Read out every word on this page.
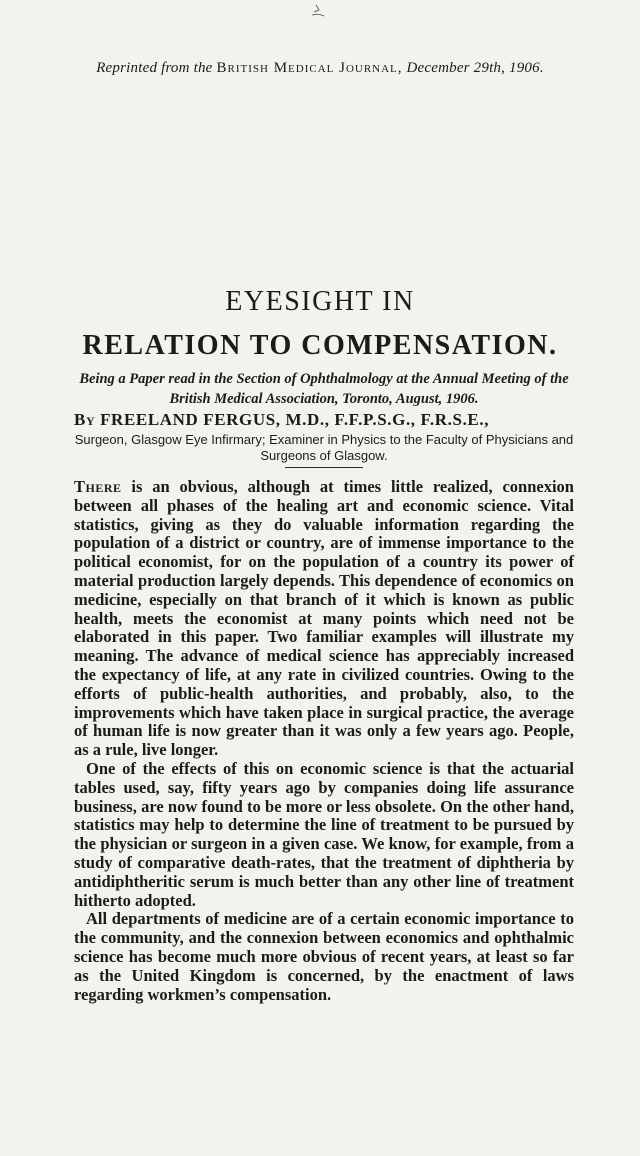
Reprinted from the British Medical Journal, December 29th, 1906.
EYESIGHT IN
RELATION TO COMPENSATION.
Being a Paper read in the Section of Ophthalmology at the Annual Meeting of the British Medical Association, Toronto, August, 1906.
By FREELAND FERGUS, M.D., F.F.P.S.G., F.R.S.E.,
Surgeon, Glasgow Eye Infirmary; Examiner in Physics to the Faculty of Physicians and Surgeons of Glasgow.

There is an obvious, although at times little realized, connexion between all phases of the healing art and economic science. Vital statistics, giving as they do valuable information regarding the population of a district or country, are of immense importance to the political economist, for on the population of a country its power of material production largely depends. This dependence of economics on medicine, especially on that branch of it which is known as public health, meets the economist at many points which need not be elaborated in this paper. Two familiar examples will illustrate my meaning. The advance of medical science has appreciably increased the expectancy of life, at any rate in civilized countries. Owing to the efforts of public-health authorities, and probably, also, to the improvements which have taken place in surgical practice, the average of human life is now greater than it was only a few years ago. People, as a rule, live longer.

One of the effects of this on economic science is that the actuarial tables used, say, fifty years ago by companies doing life assurance business, are now found to be more or less obsolete. On the other hand, statistics may help to determine the line of treatment to be pursued by the physician or surgeon in a given case. We know, for example, from a study of comparative death-rates, that the treatment of diphtheria by antidiphtheritic serum is much better than any other line of treatment hitherto adopted.

All departments of medicine are of a certain economic importance to the community, and the connexion between economics and ophthalmic science has become much more obvious of recent years, at least so far as the United Kingdom is concerned, by the enactment of laws regarding workmen’s compensation.
